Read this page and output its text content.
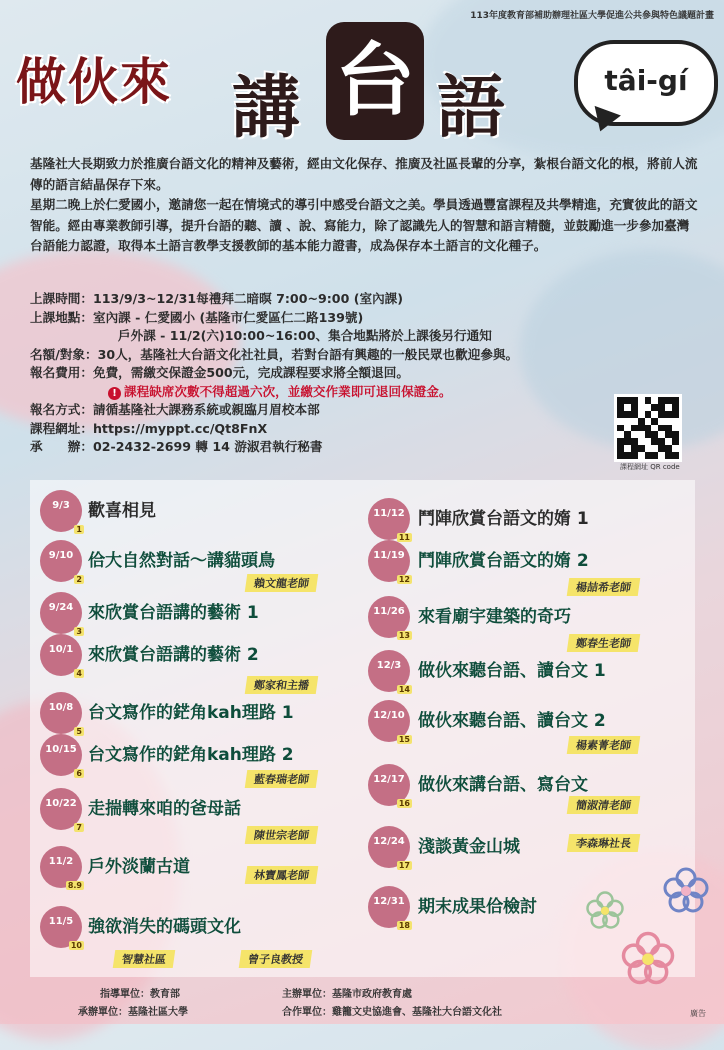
113年度教育部補助辦理社區大學促進公共參與特色議題計畫
做伙來 講 台 語	tâi-gí

基隆社大長期致力於推廣台語文化的精神及藝術，經由文化保存、推廣及社區長輩的分享，紮根台語文化的根，將前人流傳的語言結晶保存下來。

星期二晚上於仁愛國小，邀請您一起在情境式的導引中感受台語文之美。學員透過豐富課程及共學精進，充實彼此的語文智能。經由專業教師引導，提升台語的聽、讀 、說、寫能力，除了認識先人的智慧和語言精髓，並鼓勵進一步參加臺灣台語能力認證，取得本土語言教學支援教師的基本能力證書，成為保存本土語言的文化種子。

上課時間：113/9/3~12/31每禮拜二暗暝 7:00~9:00 (室內課)
上課地點：室內課 - 仁愛國小 (基隆市仁愛區仁二路139號)
戶外課 - 11/2(六)10:00~16:00、集合地點將於上課後另行通知
名額/對象：30人，基隆社大台語文化社社員，若對台語有興趣的一般民眾也歡迎參與。
報名費用：免費，需繳交保證金500元，完成課程要求將全額退回。
! 課程缺席次數不得超過六次，並繳交作業即可退回保證金。
報名方式：請循基隆社大課務系統或親臨月眉校本部
課程網址：https://myppt.cc/Qt8FnX
承　　辦：02-2432-2699 轉 14 游淑君執行秘書
課程網址 QR code
9/3
1
歡喜相見
9/10
2
佮大自然對話～講貓頭鳥
賴文龍老師
9/24
3
來欣賞台語講的藝術 1
10/1
4
來欣賞台語講的藝術 2
鄭家和主播
10/8
5
台文寫作的鋩角kah理路 1
10/15
6
台文寫作的鋩角kah理路 2
藍春瑞老師
10/22
7
走揣轉來咱的爸母話
陳世宗老師
11/2
8.9
戶外淡蘭古道	林寶鳳老師
11/5
10
強欲消失的碼頭文化
曾子良教授
智慧社區
11/12
11
鬥陣欣賞台語文的媠 1
11/19
12
鬥陣欣賞台語文的媠 2
楊喆希老師
11/26
13
來看廟宇建築的奇巧
鄭春生老師
12/3
14
做伙來聽台語、讀台文 1
12/10
15
做伙來聽台語、讀台文 2
楊素菁老師
12/17
16
做伙來講台語、寫台文
簡淑清老師
12/24
17
淺談黃金山城	李森琳社長
12/31
18
期末成果佮檢討
指導單位：教育部	主辦單位：基隆市政府教育處
承辦單位：基隆社區大學	合作單位：雞籠文史協進會、基隆社大台語文化社	廣告
